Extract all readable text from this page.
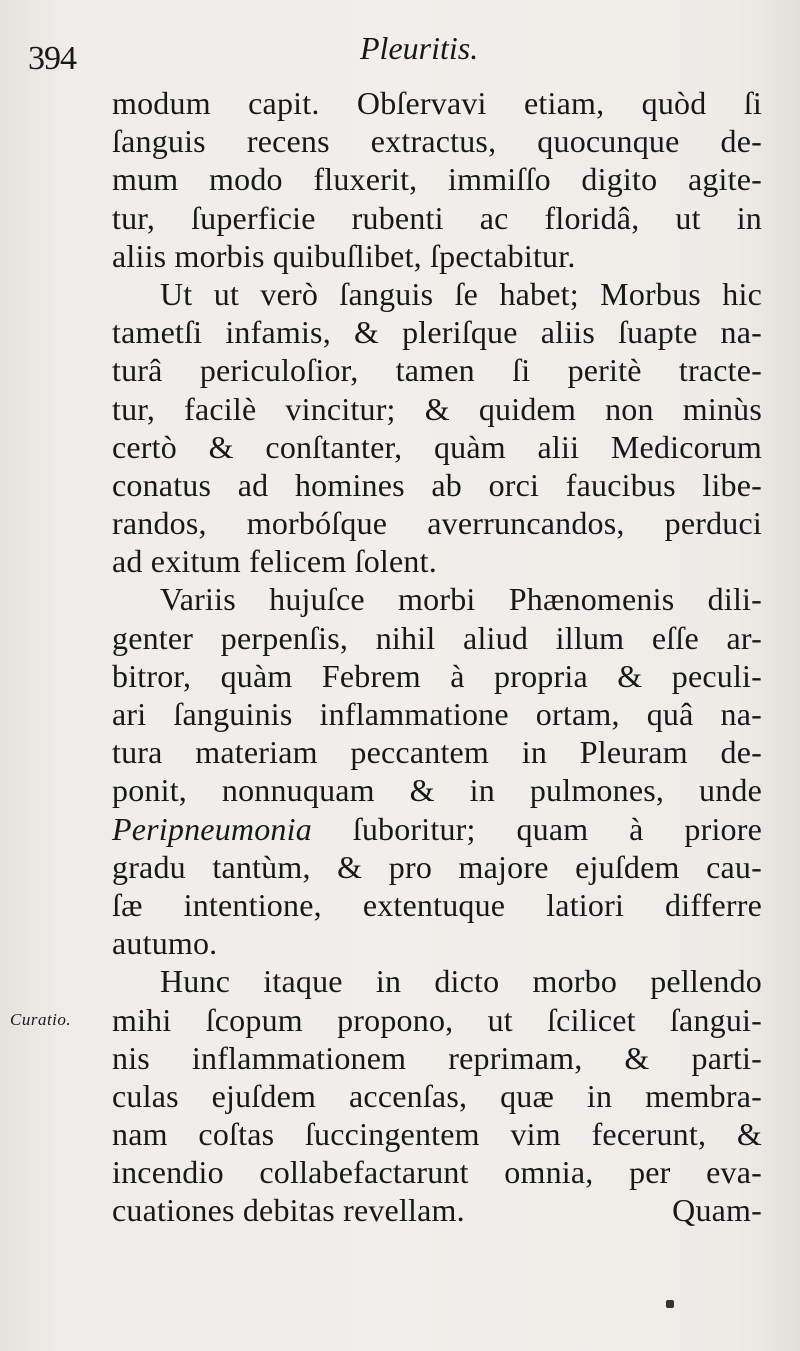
394	Pleuritis.
Curatio.
modum capit. Obſervavi etiam, quòd ſi
ſanguis recens extractus, quocunque de-
mum modo fluxerit, immiſſo digito agite-
tur, ſuperficie rubenti ac floridâ, ut in
aliis morbis quibuſlibet, ſpectabitur.
Ut ut verò ſanguis ſe habet; Morbus hic
tametſi infamis, & pleriſque aliis ſuapte na-
turâ periculoſior, tamen ſi peritè tracte-
tur, facilè vincitur; & quidem non minùs
certò & conſtanter, quàm alii Medicorum
conatus ad homines ab orci faucibus libe-
randos, morbóſque averruncandos, perduci
ad exitum felicem ſolent.
Variis hujuſce morbi Phænomenis dili-
genter perpenſis, nihil aliud illum eſſe ar-
bitror, quàm Febrem à propria & peculi-
ari ſanguinis inflammatione ortam, quâ na-
tura materiam peccantem in Pleuram de-
ponit, nonnuquam & in pulmones, unde
Peripneumonia ſuboritur; quam à priore
gradu tantùm, & pro majore ejuſdem cau-
ſæ intentione, extentuque latiori differre
autumo.
Hunc itaque in dicto morbo pellendo
mihi ſcopum propono, ut ſcilicet ſangui-
nis inflammationem reprimam, & parti-
culas ejuſdem accenſas, quæ in membra-
nam coſtas ſuccingentem vim fecerunt, &
incendio collabefactarunt omnia, per eva-
cuationes debitas revellam.	Quam-
